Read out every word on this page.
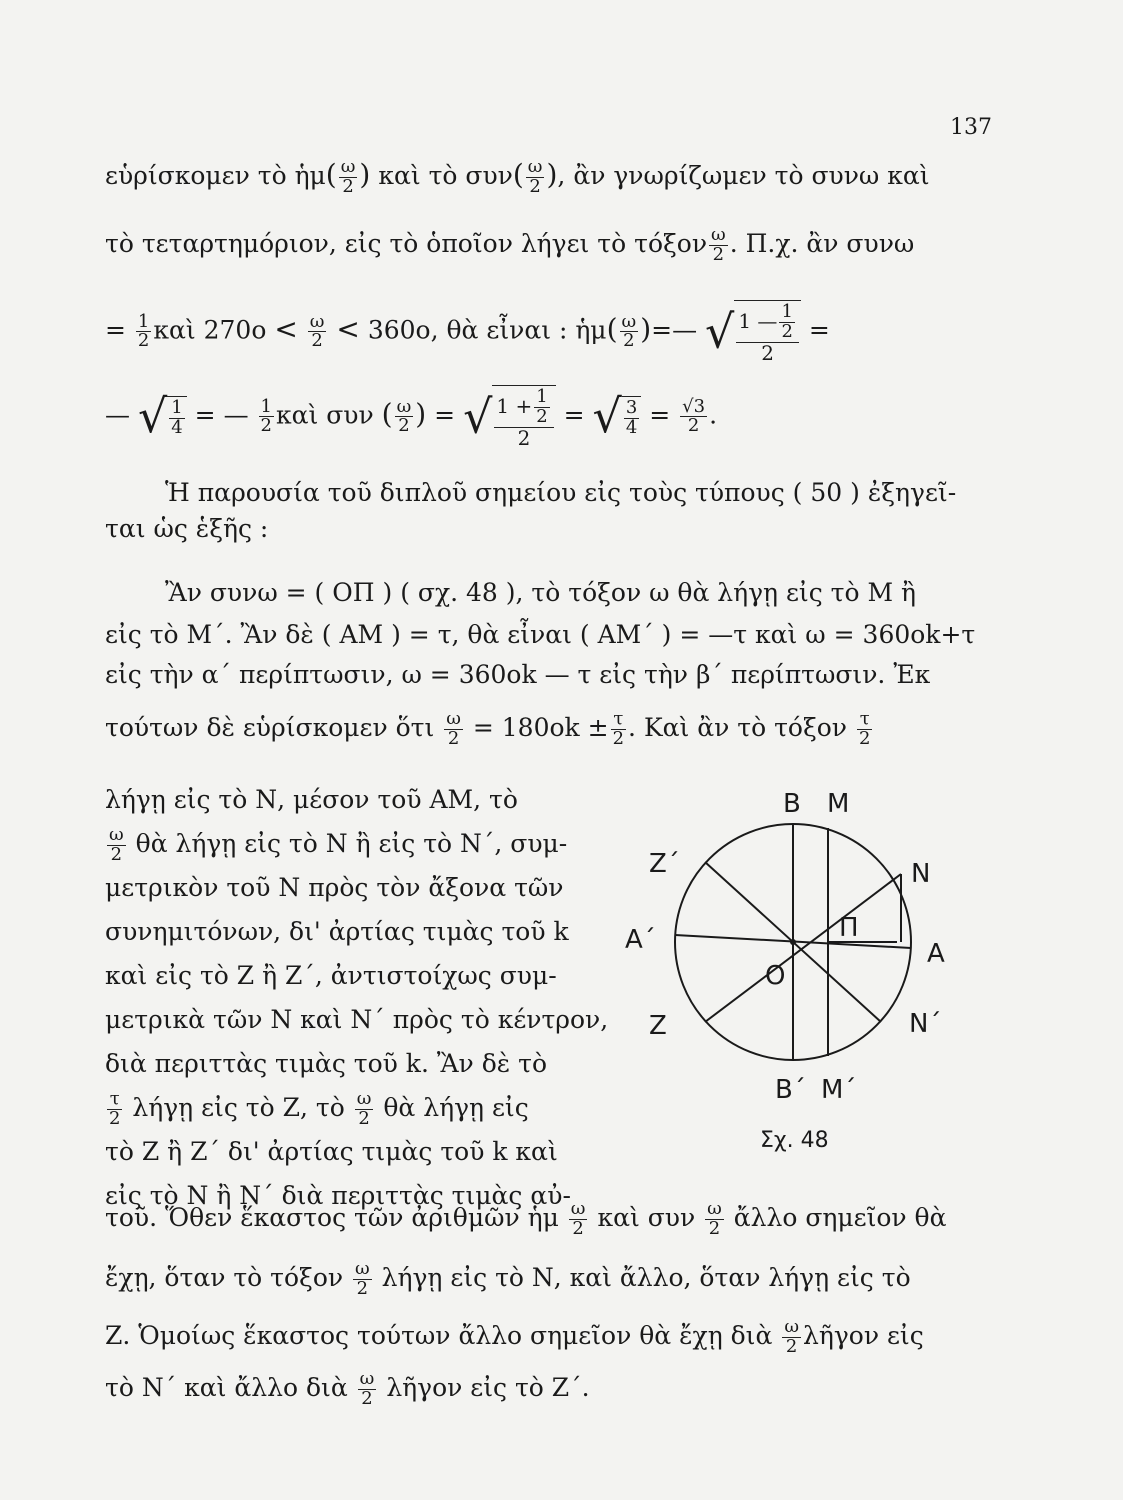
137
εὑρίσκομεν τὸ ἡμ( $\frac{\omega}{2}$ ) καὶ τὸ $\sigma\upsilon\nu( \frac{\omega}{2}$ ), ἂν γνωρίζωμεν τὸ συνω καὶ
τὸ τεταρτημόριον, εἰς τὸ ὁποῖον λήγει τὸ τόξον $\frac{\omega}{2}$ . Π.χ. ἂν συνω
= $\frac{1}{2}$ καὶ $270o < \frac{\omega}{2} < 360o$, θὰ εἶναι : ἡμ( $\frac{\omega}{2}$ )=— √ $\frac{1 — \frac{1}{2}}{2}$ =
— √ $\frac{1}{4}$ = — $\frac{1}{2}$ καὶ συν ( $\frac{\omega}{2}$ ) = √ $\frac{1 + \frac{1}{2}}{2}$ = √ $\frac{3}{4} = \frac{√3}{2}$ .
Ἡ παρουσία τοῦ διπλοῦ σημείου εἰς τοὺς τύπους ( 50 ) ἐξηγεῖ-
ται ὡς ἑξῆς :
Ἂν συνω = ( ΟΠ ) ( σχ. 48 ), τὸ τόξον ω θὰ λήγῃ εἰς τὸ Μ ἢ
εἰς τὸ Μ΄. Ἂν δὲ ( ΑΜ ) = τ, θὰ εἶναι ( ΑΜ΄ ) = —τ καὶ ω = 360οk+τ
εἰς τὴν α΄ περίπτωσιν, ω = 360οk — τ εἰς τὴν β΄ περίπτωσιν. Ἐκ
τούτων δὲ εὑρίσκομεν ὅτι $\frac{\omega}{2} = 180ok \pm \frac{\tau}{2}$ . Καὶ ἂν τὸ τόξον $\frac{\tau}{2}$
λήγῃ εἰς τὸ Ν, μέσον τοῦ ΑΜ, τὸ
$\frac{\omega}{2}$ θὰ λήγῃ εἰς τὸ Ν ἢ εἰς τὸ Ν΄, συμ-
μετρικὸν τοῦ Ν πρὸς τὸν ἄξονα τῶν
συνημιτόνων, δι' ἀρτίας τιμὰς τοῦ k
καὶ εἰς τὸ Ζ ἢ Ζ΄, ἀντιστοίχως συμ-
μετρικὰ τῶν Ν καὶ Ν΄ πρὸς τὸ κέντρον,
διὰ περιττὰς τιμὰς τοῦ k. Ἂν δὲ τὸ
$\frac{\tau}{2}$ λήγῃ εἰς τὸ Ζ, τὸ $\frac{\omega}{2}$ θὰ λήγῃ εἰς
τὸ Ζ ἢ Ζ΄ δι' ἀρτίας τιμὰς τοῦ k καὶ
εἰς τὸ Ν ἢ Ν΄ διὰ περιττὰς τιμὰς αὐ-
Β Μ
Ζ΄	Ν
Α΄	Π
Α
Ο
Ζ	Ν΄
Β΄ Μ΄
Σχ. 48
τοῦ. Ὅθεν ἕκαστος τῶν ἀριθμῶν ἡμ $\frac{\omega}{2}$ καὶ συν $\frac{\omega}{2}$ ἄλλο σημεῖον θὰ
ἔχῃ, ὅταν τὸ τόξον $\frac{\omega}{2}$ λήγῃ εἰς τὸ Ν, καὶ ἄλλο, ὅταν λήγῃ εἰς τὸ
Ζ. Ὁμοίως ἕκαστος τούτων ἄλλο σημεῖον θὰ ἔχῃ διὰ $\frac{\omega}{2}$ λῆγον εἰς
τὸ Ν΄ καὶ ἄλλο διὰ $\frac{\omega}{2}$ λῆγον εἰς τὸ Ζ΄.
